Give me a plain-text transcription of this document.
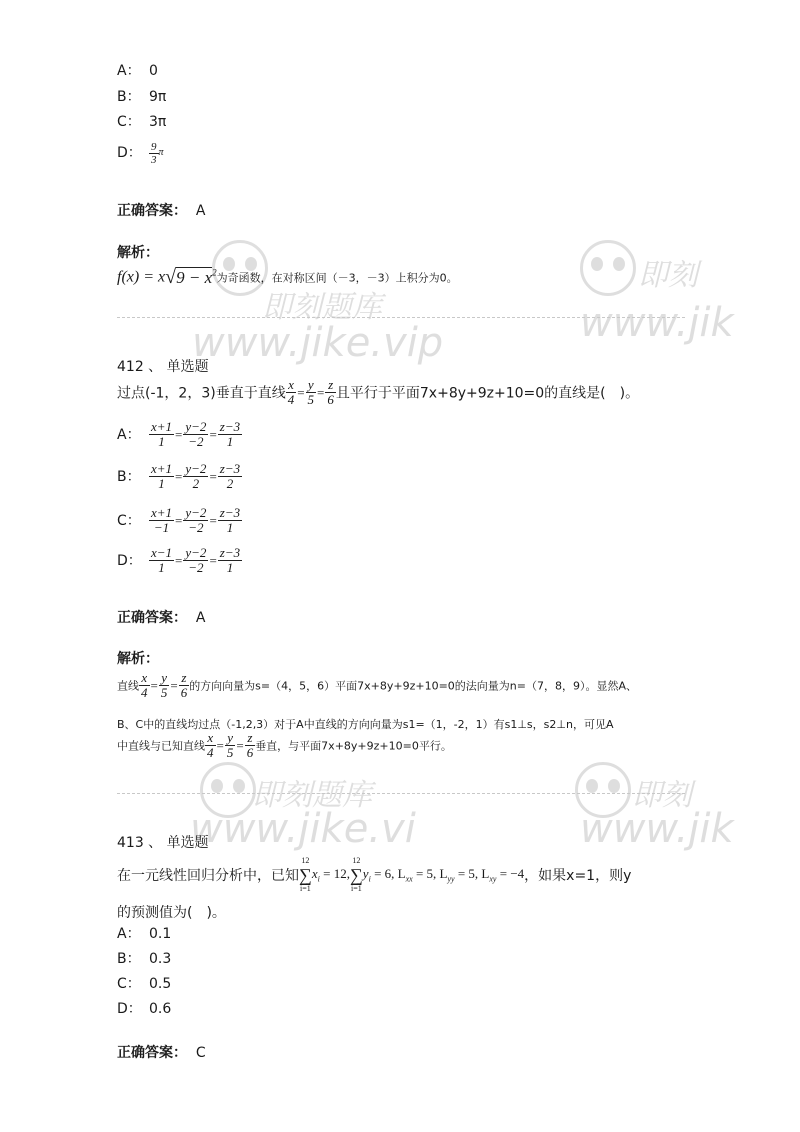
即刻题库
www.jike.vip
即刻
www.jik
即刻题库
www.jike.vi
即刻
www.jik
A： 0
B： 9π
C： 3π
D： $\frac{9}{3}$ π
正确答案： A
解析：
$f(x) = x√9 - x^2$为奇函数，在对称区间（－3，－3）上积分为0。
412 、 单选题
过点(-1，2，3)垂直于直线 $\frac{x}{4} = \frac{y}{5} = \frac{z}{6}$ 且平行于平面7x+8y+9z+10=0的直线是(　)。
A： $\frac{x+1}{1} = \frac{y-2}{-2} = \frac{z-3}{1}$
B： $\frac{x+1}{1} = \frac{y-2}{2} = \frac{z-3}{2}$
C： $\frac{x+1}{-1} = \frac{y-2}{-2} = \frac{z-3}{1}$
D： $\frac{x-1}{1} = \frac{y-2}{-2} = \frac{z-3}{1}$
正确答案： A
解析：
直线 $\frac{x}{4} = \frac{y}{5} = \frac{z}{6}$ 的方向向量为s=（4，5，6）平面7x+8y+9z+10=0的法向量为n=（7，8，9）。显然A、
B、C中的直线均过点（-1,2,3）对于A中直线的方向向量为s1=（1，-2，1）有s1⊥s，s2⊥n，可见A
中直线与已知直线 $\frac{x}{4} = \frac{y}{5} = \frac{z}{6}$ 垂直，与平面7x+8y+9z+10=0平行。
413 、 单选题
在一元线性回归分析中，已知
12
∑
i=1
$x_i = 12$,
12
∑
i=1
$y_i = 6$, $L_{xx} = 5$, $L_{yy} = 5$, $L_{xy} = -4$，如果x=1，则y
的预测值为(　)。
A： 0.1
B： 0.3
C： 0.5
D： 0.6
正确答案： C
